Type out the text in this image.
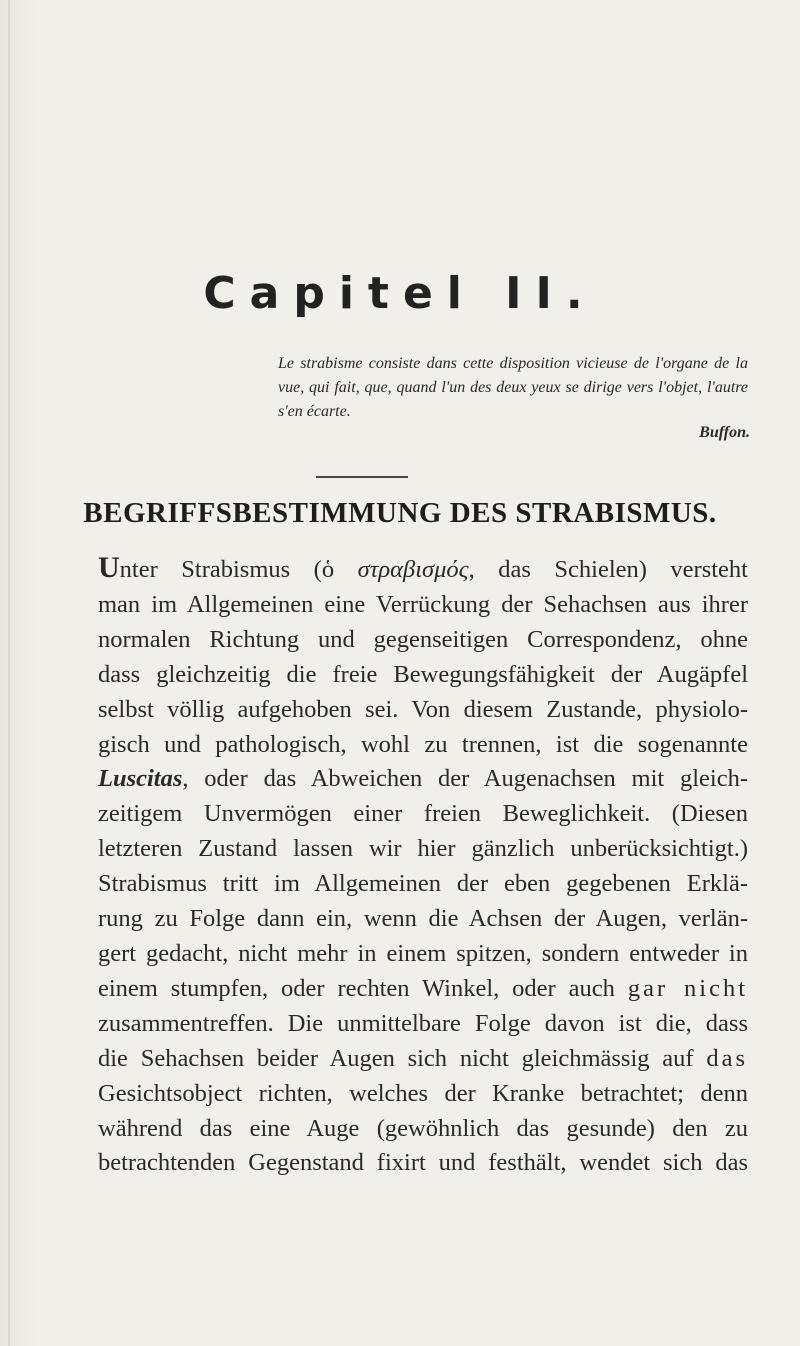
Capitel II.
Le strabisme consiste dans cette disposition vicieuse de l'organe de la vue, qui fait, que, quand l'un des deux yeux se dirige vers l'objet, l'autre s'en écarte.
Buffon.
BEGRIFFSBESTIMMUNG DES STRABISMUS.
Unter Strabismus (ὁ στραβισμός, das Schielen) versteht
man im Allgemeinen eine Verrückung der Sehachsen aus ihrer
normalen Richtung und gegenseitigen Correspondenz, ohne
dass gleichzeitig die freie Bewegungsfähigkeit der Augäpfel
selbst völlig aufgehoben sei. Von diesem Zustande, physiolo-
gisch und pathologisch, wohl zu trennen, ist die sogenannte
Luscitas, oder das Abweichen der Augenachsen mit gleich-
zeitigem Unvermögen einer freien Beweglichkeit. (Diesen
letzteren Zustand lassen wir hier gänzlich unberücksichtigt.)
Strabismus tritt im Allgemeinen der eben gegebenen Erklä-
rung zu Folge dann ein, wenn die Achsen der Augen, verlän-
gert gedacht, nicht mehr in einem spitzen, sondern entweder in
einem stumpfen, oder rechten Winkel, oder auch gar nicht
zusammentreffen. Die unmittelbare Folge davon ist die, dass
die Sehachsen beider Augen sich nicht gleichmässig auf das
Gesichtsobject richten, welches der Kranke betrachtet; denn
während das eine Auge (gewöhnlich das gesunde) den zu
betrachtenden Gegenstand fixirt und festhält, wendet sich das
